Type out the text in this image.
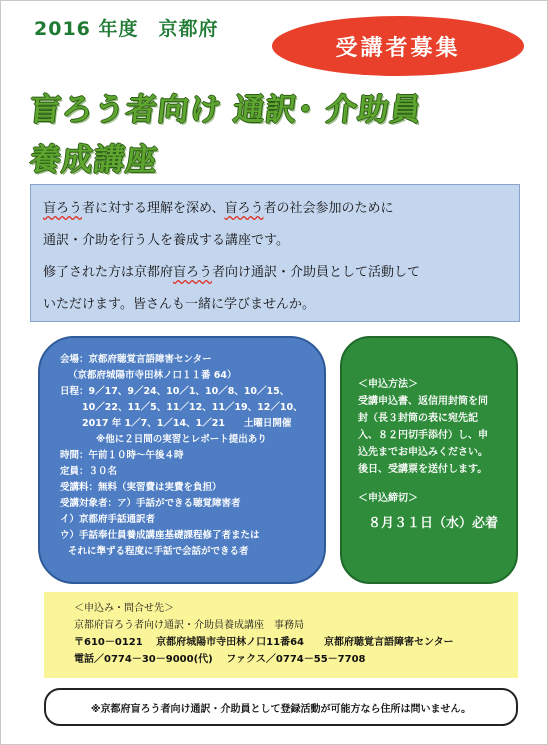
2016 年度　京都府
受講者募集
盲ろう者向け 通訳･ 介助員
養成講座

盲ろう者に対する理解を深め、盲ろう者の社会参加のために

通訳・介助を行う人を養成する講座です。

修了された方は京都府盲ろう者向け通訳・介助員として活動して

いただけます。皆さんも一緒に学びませんか。

会場：京都府聴覚言語障害センター
（京都府城陽市寺田林ノ口１１番 64）
日程：9／17、9／24、10／1、10／8、10／15、
10／22、11／5、11／12、11／19、12／10、
2017 年 1／7、1／14、1／21　　土曜日開催
※他に２日間の実習とレポート提出あり
時間：午前１０時～午後４時
定員：３０名
受講料：無料（実習費は実費を負担）
受講対象者：ア）手話ができる聴覚障害者
イ）京都府手話通訳者
ウ）手話奉仕員養成講座基礎課程修了者または
それに準ずる程度に手話で会話ができる者
＜申込方法＞
受講申込書、返信用封筒を同
封（長３封筒の表に宛先記
入、８２円切手添付）し、申
込先までお申込みください。
後日、受講票を送付します。
＜申込締切＞
８月３１日（水）必着
＜申込み・問合せ先＞
京都府盲ろう者向け通訳・介助員養成講座　事務局
〒610－0121　 京都府城陽市寺田林ノ口11番64　　京都府聴覚言語障害センター
電話／0774－30－9000(代)　 ファクス／0774－55－7708
※京都府盲ろう者向け通訳・介助員として登録活動が可能方なら住所は問いません。
